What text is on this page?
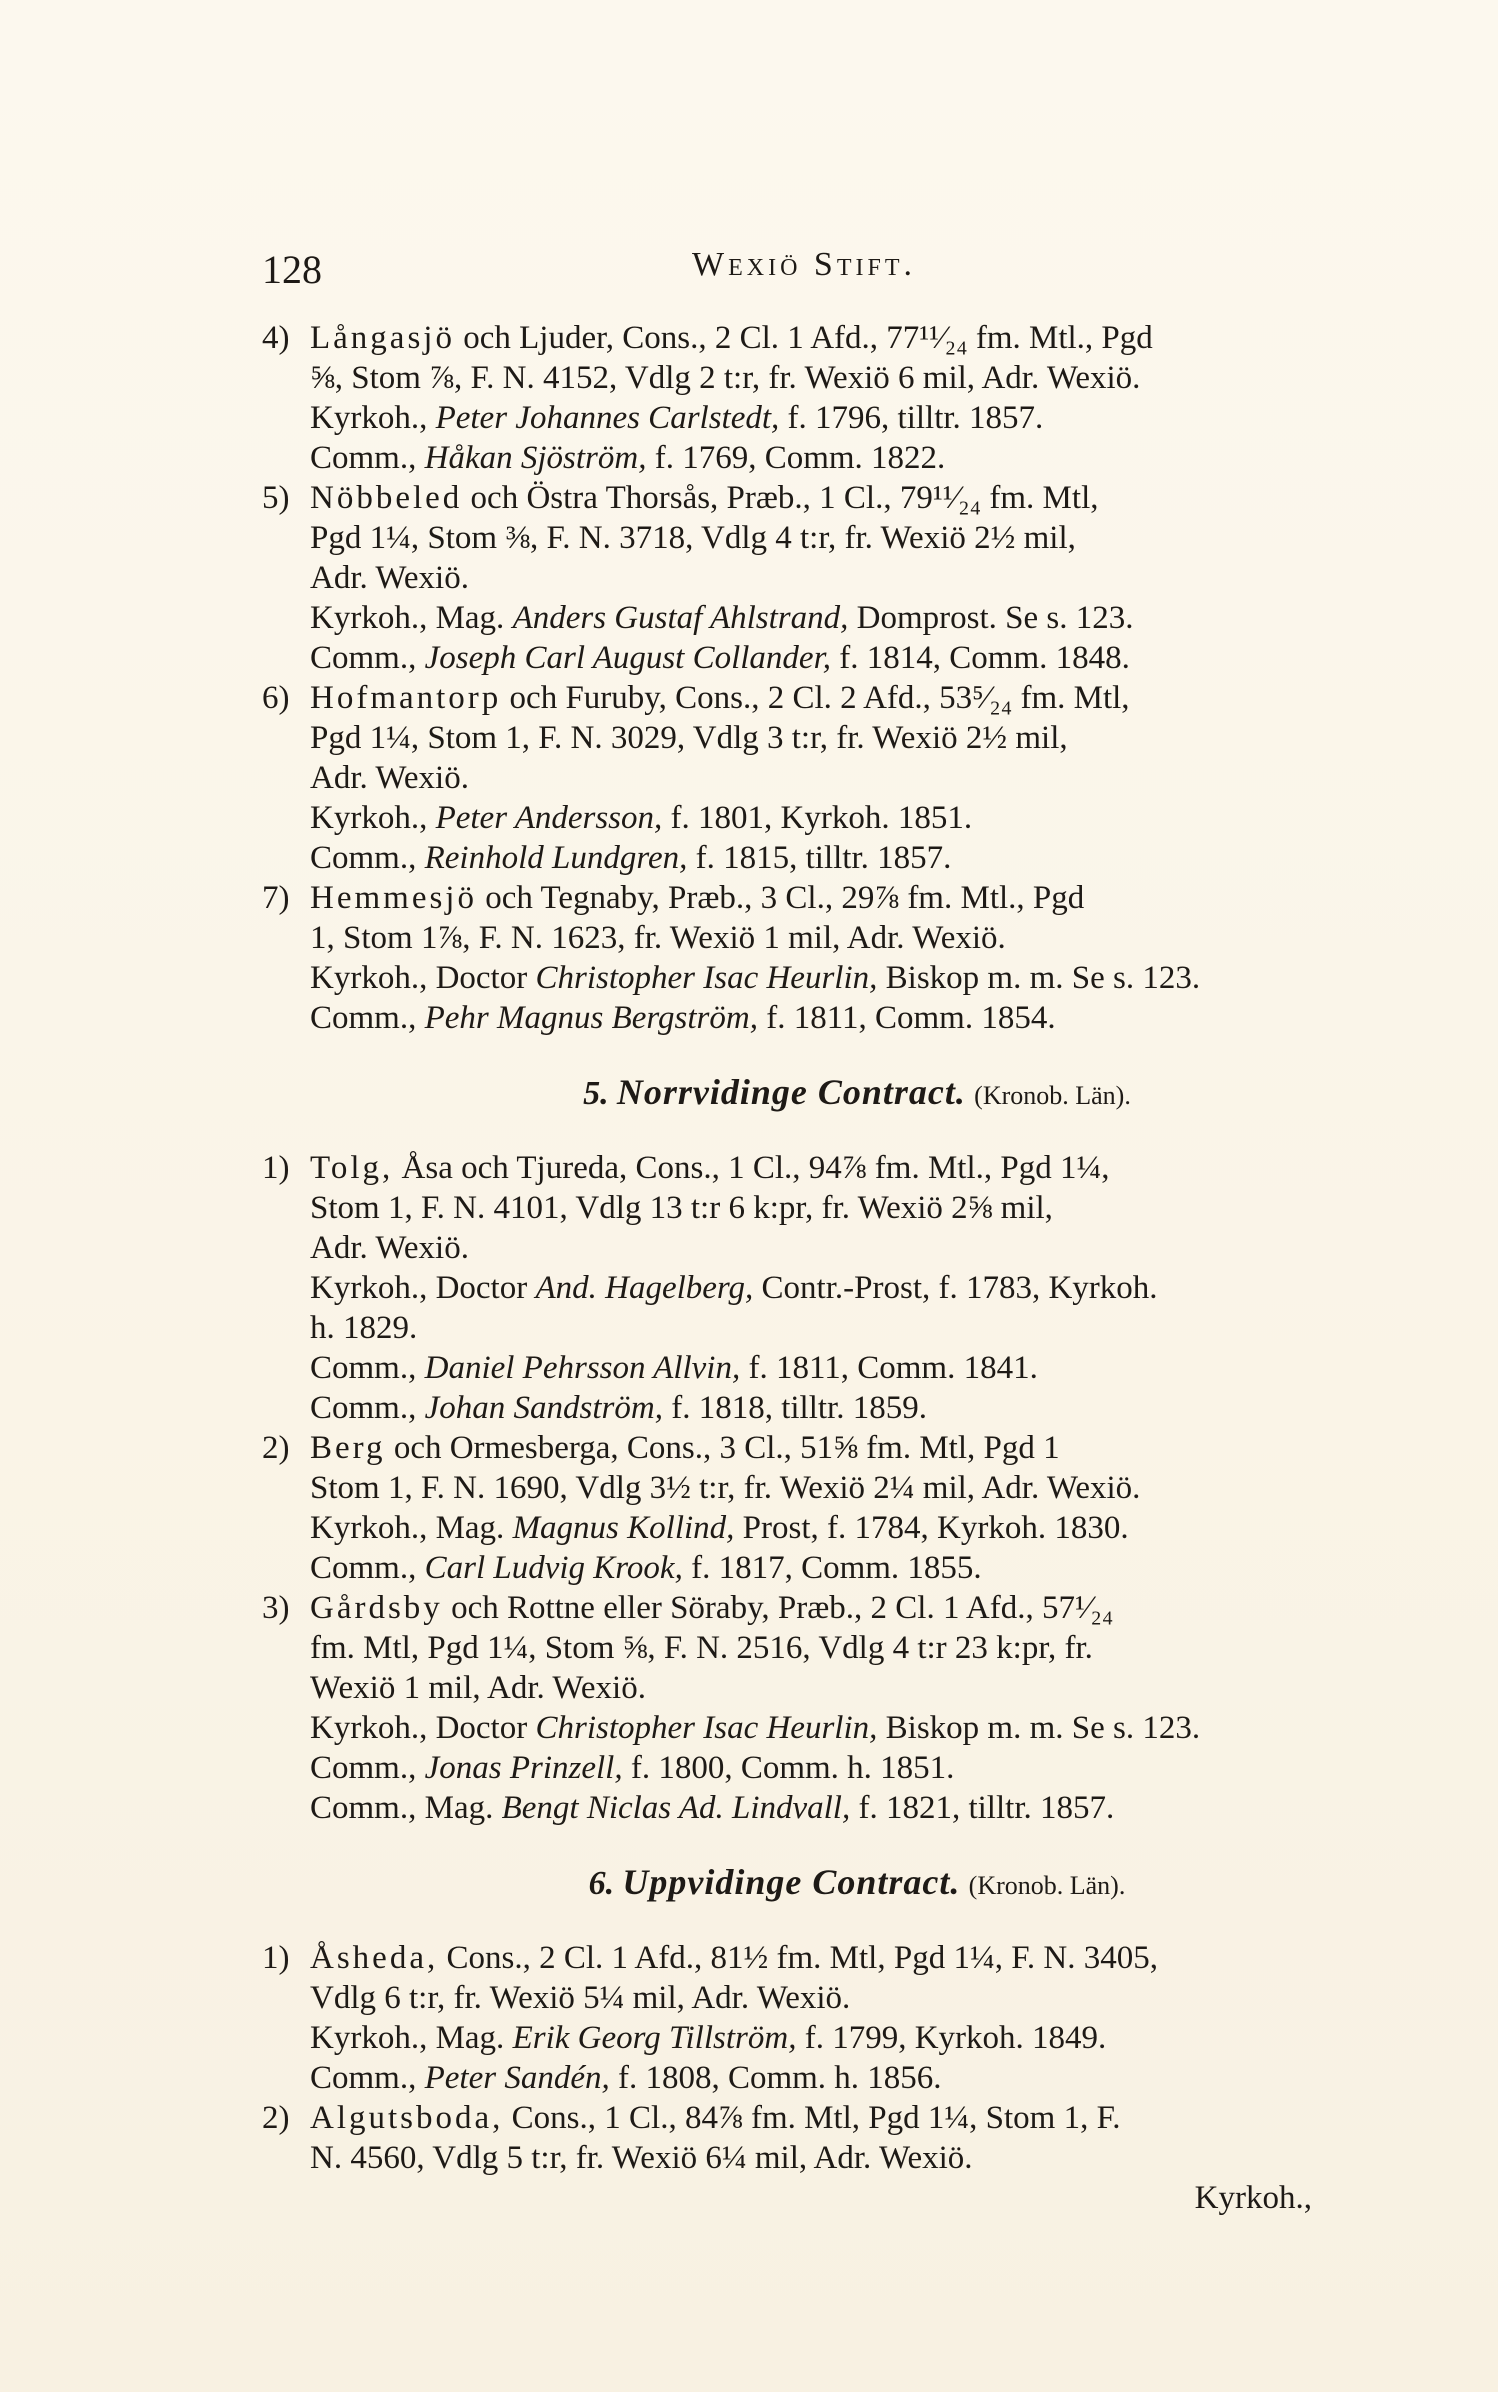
128	Wexiö Stift.
4) Långasjö och Ljuder, Cons., 2 Cl. 1 Afd., 77¹¹⁄₂₄ fm. Mtl., Pgd
⅝, Stom ⅞, F. N. 4152, Vdlg 2 t:r, fr. Wexiö 6 mil, Adr. Wexiö.
Kyrkoh., Peter Johannes Carlstedt, f. 1796, tilltr. 1857.
Comm., Håkan Sjöström, f. 1769, Comm. 1822.
5) Nöbbeled och Östra Thorsås, Præb., 1 Cl., 79¹¹⁄₂₄ fm. Mtl,
Pgd 1¼, Stom ⅜, F. N. 3718, Vdlg 4 t:r, fr. Wexiö 2½ mil,
Adr. Wexiö.
Kyrkoh., Mag. Anders Gustaf Ahlstrand, Domprost. Se s. 123.
Comm., Joseph Carl August Collander, f. 1814, Comm. 1848.
6) Hofmantorp och Furuby, Cons., 2 Cl. 2 Afd., 53⁵⁄₂₄ fm. Mtl,
Pgd 1¼, Stom 1, F. N. 3029, Vdlg 3 t:r, fr. Wexiö 2½ mil,
Adr. Wexiö.
Kyrkoh., Peter Andersson, f. 1801, Kyrkoh. 1851.
Comm., Reinhold Lundgren, f. 1815, tilltr. 1857.
7) Hemmesjö och Tegnaby, Præb., 3 Cl., 29⅞ fm. Mtl., Pgd
1, Stom 1⅞, F. N. 1623, fr. Wexiö 1 mil, Adr. Wexiö.
Kyrkoh., Doctor Christopher Isac Heurlin, Biskop m. m. Se s. 123.
Comm., Pehr Magnus Bergström, f. 1811, Comm. 1854.
5. Norrvidinge Contract. (Kronob. Län).
1) Tolg, Åsa och Tjureda, Cons., 1 Cl., 94⅞ fm. Mtl., Pgd 1¼,
Stom 1, F. N. 4101, Vdlg 13 t:r 6 k:pr, fr. Wexiö 2⅝ mil,
Adr. Wexiö.
Kyrkoh., Doctor And. Hagelberg, Contr.-Prost, f. 1783, Kyrkoh.
h. 1829.
Comm., Daniel Pehrsson Allvin, f. 1811, Comm. 1841.
Comm., Johan Sandström, f. 1818, tilltr. 1859.
2) Berg och Ormesberga, Cons., 3 Cl., 51⅝ fm. Mtl, Pgd 1
Stom 1, F. N. 1690, Vdlg 3½ t:r, fr. Wexiö 2¼ mil, Adr. Wexiö.
Kyrkoh., Mag. Magnus Kollind, Prost, f. 1784, Kyrkoh. 1830.
Comm., Carl Ludvig Krook, f. 1817, Comm. 1855.
3) Gårdsby och Rottne eller Söraby, Præb., 2 Cl. 1 Afd., 57¹⁄₂₄
fm. Mtl, Pgd 1¼, Stom ⅝, F. N. 2516, Vdlg 4 t:r 23 k:pr, fr.
Wexiö 1 mil, Adr. Wexiö.
Kyrkoh., Doctor Christopher Isac Heurlin, Biskop m. m. Se s. 123.
Comm., Jonas Prinzell, f. 1800, Comm. h. 1851.
Comm., Mag. Bengt Niclas Ad. Lindvall, f. 1821, tilltr. 1857.
6. Uppvidinge Contract. (Kronob. Län).
1) Åsheda, Cons., 2 Cl. 1 Afd., 81½ fm. Mtl, Pgd 1¼, F. N. 3405,
Vdlg 6 t:r, fr. Wexiö 5¼ mil, Adr. Wexiö.
Kyrkoh., Mag. Erik Georg Tillström, f. 1799, Kyrkoh. 1849.
Comm., Peter Sandén, f. 1808, Comm. h. 1856.
2) Algutsboda, Cons., 1 Cl., 84⅞ fm. Mtl, Pgd 1¼, Stom 1, F.
N. 4560, Vdlg 5 t:r, fr. Wexiö 6¼ mil, Adr. Wexiö.
Kyrkoh.,
